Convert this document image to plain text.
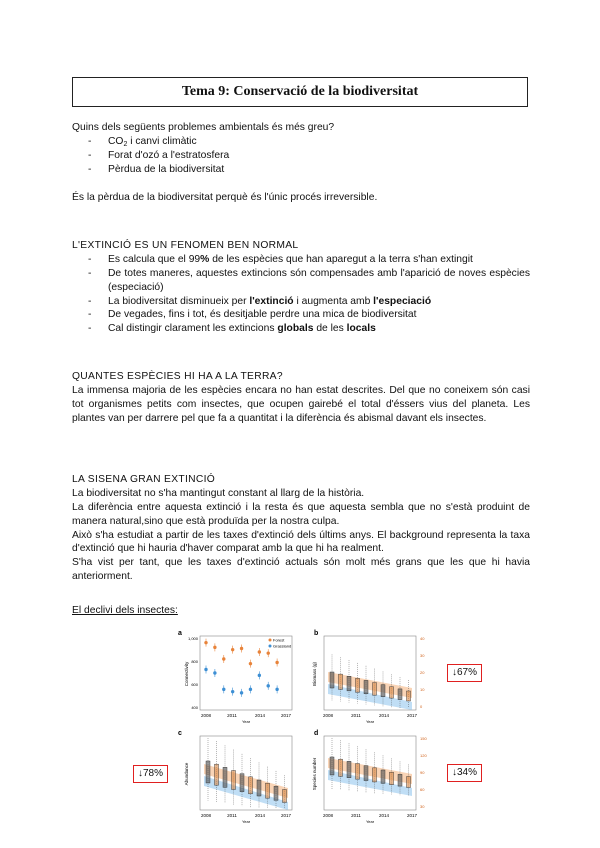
Tema 9: Conservació de la biodiversitat
Quins dels següents problemes ambientals és més greu?
- $CO_2$ i canvi climàtic
- Forat d'ozó a l'estratosfera
- Pèrdua de la biodiversitat
És la pèrdua de la biodiversitat perquè és l'únic procés irreversible.
L'EXTINCIÓ ES UN FENOMEN BEN NORMAL
- Es calcula que el 99% de les espècies que han aparegut a la terra s'han extingit
- De totes maneres, aquestes extincions són compensades amb l'aparició de noves espècies (especiació)
- La biodiversitat disminueix per l'extinció i augmenta amb l'especiació
- De vegades, fins i tot, és desitjable perdre una mica de biodiversitat
- Cal distingir clarament les extincions globals de les locals
QUANTES ESPÈCIES HI HA A LA TERRA?
La immensa majoria de les espècies encara no han estat descrites. Del que no coneixem són casi tot organismes petits com insectes, que ocupen gairebé el total d'éssers vius del planeta. Les plantes van per darrere pel que fa a quantitat i la diferència és abismal davant els insectes.
LA SISENA GRAN EXTINCIÓ
La biodiversitat no s'ha mantingut constant al llarg de la història.
La diferència entre aquesta extinció i la resta és que aquesta sembla que no s'està produint de manera natural,sino que està produïda per la nostra culpa.
Això s'ha estudiat a partir de les taxes d'extinció dels últims anys. El background representa la taxa d'extinció que hi hauria d'haver comparat amb la que hi ha realment.
S'ha vist per tant, que les taxes d'extinció actuals són molt més grans que les que hi havia anteriorment.
El declivi dels insectes:
a
Connectivity
1,000
800
600
400
2008	2011	2014	2017
Year
Forest
Grassland
b
Biomass (g)
40
30
20
10
0
2008	2011	2014	2017
Year
c
Abundance
2008	2011	2014	2017
Year
d
Species number
150
120
90
60
30
2008	2011	2014	2017
Year
↓67%
↓78%	↓34%
